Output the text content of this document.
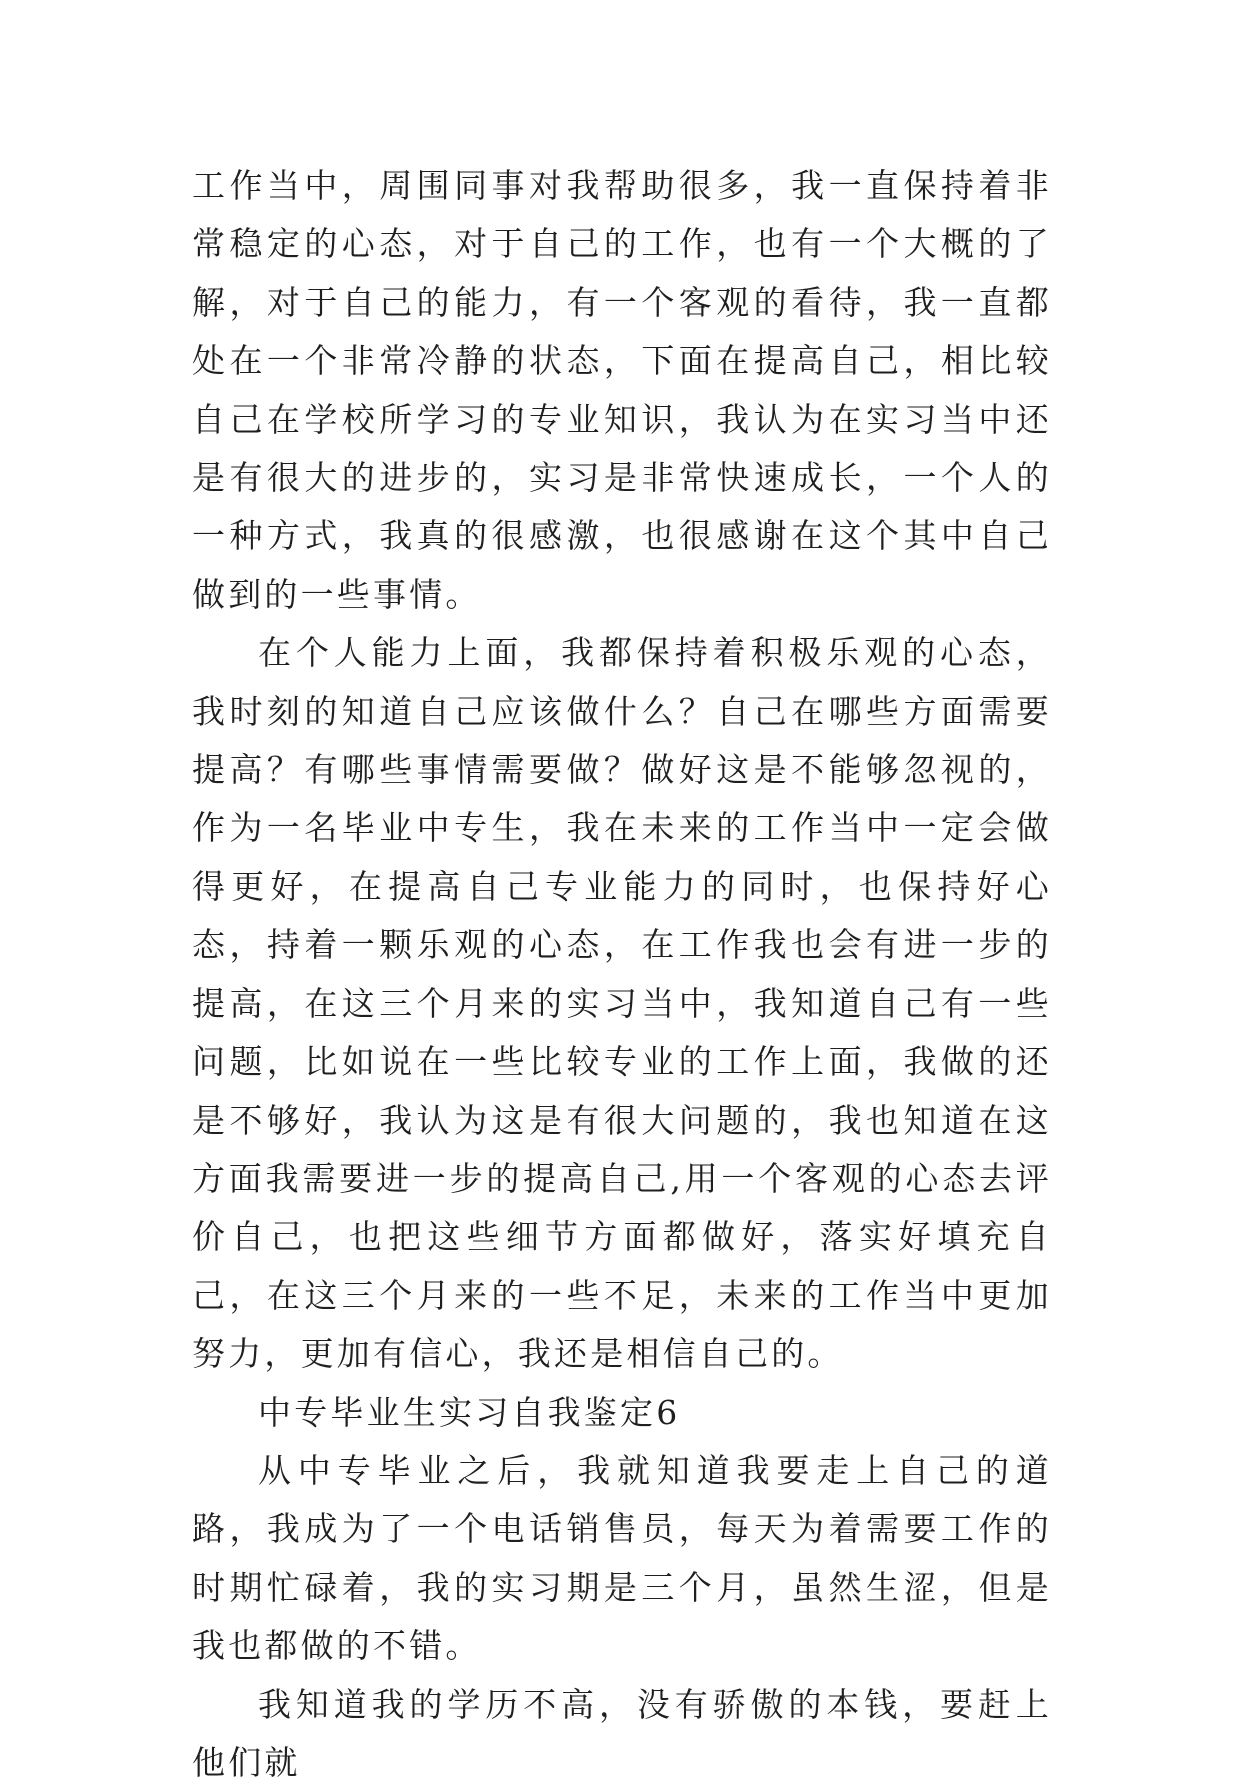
工作当中，周围同事对我帮助很多，我一直保持着非常稳定的心态，对于自己的工作，也有一个大概的了解，对于自己的能力，有一个客观的看待，我一直都处在一个非常冷静的状态，下面在提高自己，相比较自己在学校所学习的专业知识，我认为在实习当中还是有很大的进步的，实习是非常快速成长，一个人的一种方式，我真的很感激，也很感谢在这个其中自己做到的一些事情。

在个人能力上面，我都保持着积极乐观的心态，我时刻的知道自己应该做什么？自己在哪些方面需要提高？有哪些事情需要做？做好这是不能够忽视的，作为一名毕业中专生，我在未来的工作当中一定会做得更好，在提高自己专业能力的同时，也保持好心态，持着一颗乐观的心态，在工作我也会有进一步的提高，在这三个月来的实习当中，我知道自己有一些问题，比如说在一些比较专业的工作上面，我做的还是不够好，我认为这是有很大问题的，我也知道在这方面我需要进一步的提高自己,用一个客观的心态去评价自己，也把这些细节方面都做好，落实好填充自己，在这三个月来的一些不足，未来的工作当中更加努力，更加有信心，我还是相信自己的。

中专毕业生实习自我鉴定6

从中专毕业之后，我就知道我要走上自己的道路，我成为了一个电话销售员，每天为着需要工作的时期忙碌着，我的实习期是三个月，虽然生涩，但是我也都做的不错。

我知道我的学历不高，没有骄傲的本钱，要赶上他们就
